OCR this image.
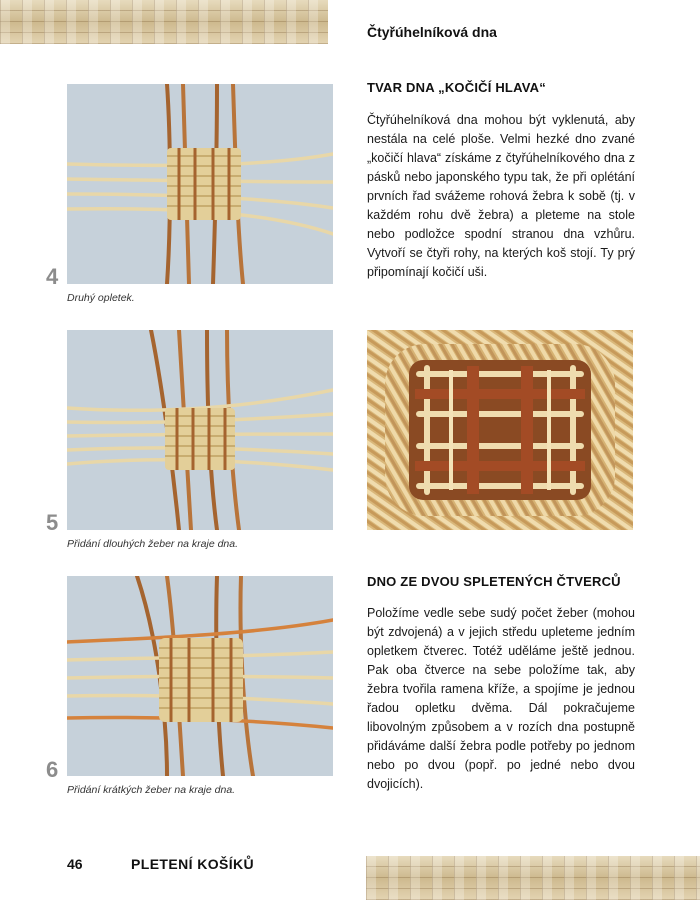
Čtyřúhelníková dna
TVAR DNA „KOČIČÍ HLAVA“
Čtyřúhelníková dna mohou být vyklenutá, aby nestála na celé ploše. Velmi hezké dno zvané „kočičí hlava“ získáme z čtyřúhelníkového dna z pásků nebo japonského typu tak, že při oplétání prvních řad svážeme rohová žebra k sobě (tj. v každém rohu dvě žebra) a pleteme na stole nebo podložce spodní stranou dna vzhůru. Vytvoří se čtyři rohy, na kterých koš stojí. Ty prý připomínají kočičí uši.
DNO ZE DVOU SPLETENÝCH ČTVERCŮ
Položíme vedle sebe sudý počet žeber (mohou být zdvojená) a v jejich středu upleteme jedním opletkem čtverec. Totéž uděláme ještě jednou. Pak oba čtverce na sebe položíme tak, aby žebra tvořila ramena kříže, a spojíme je jednou řadou opletku dvěma. Dál pokračujeme libovolným způsobem a v rozích dna postupně přidáváme další žebra podle potřeby po jednom nebo po dvou (popř. po jedné nebo dvou dvojicích).
4
Druhý opletek.
5
Přidání dlouhých žeber na kraje dna.
6
Přidání krátkých žeber na kraje dna.
46	PLETENÍ KOŠÍKŮ
